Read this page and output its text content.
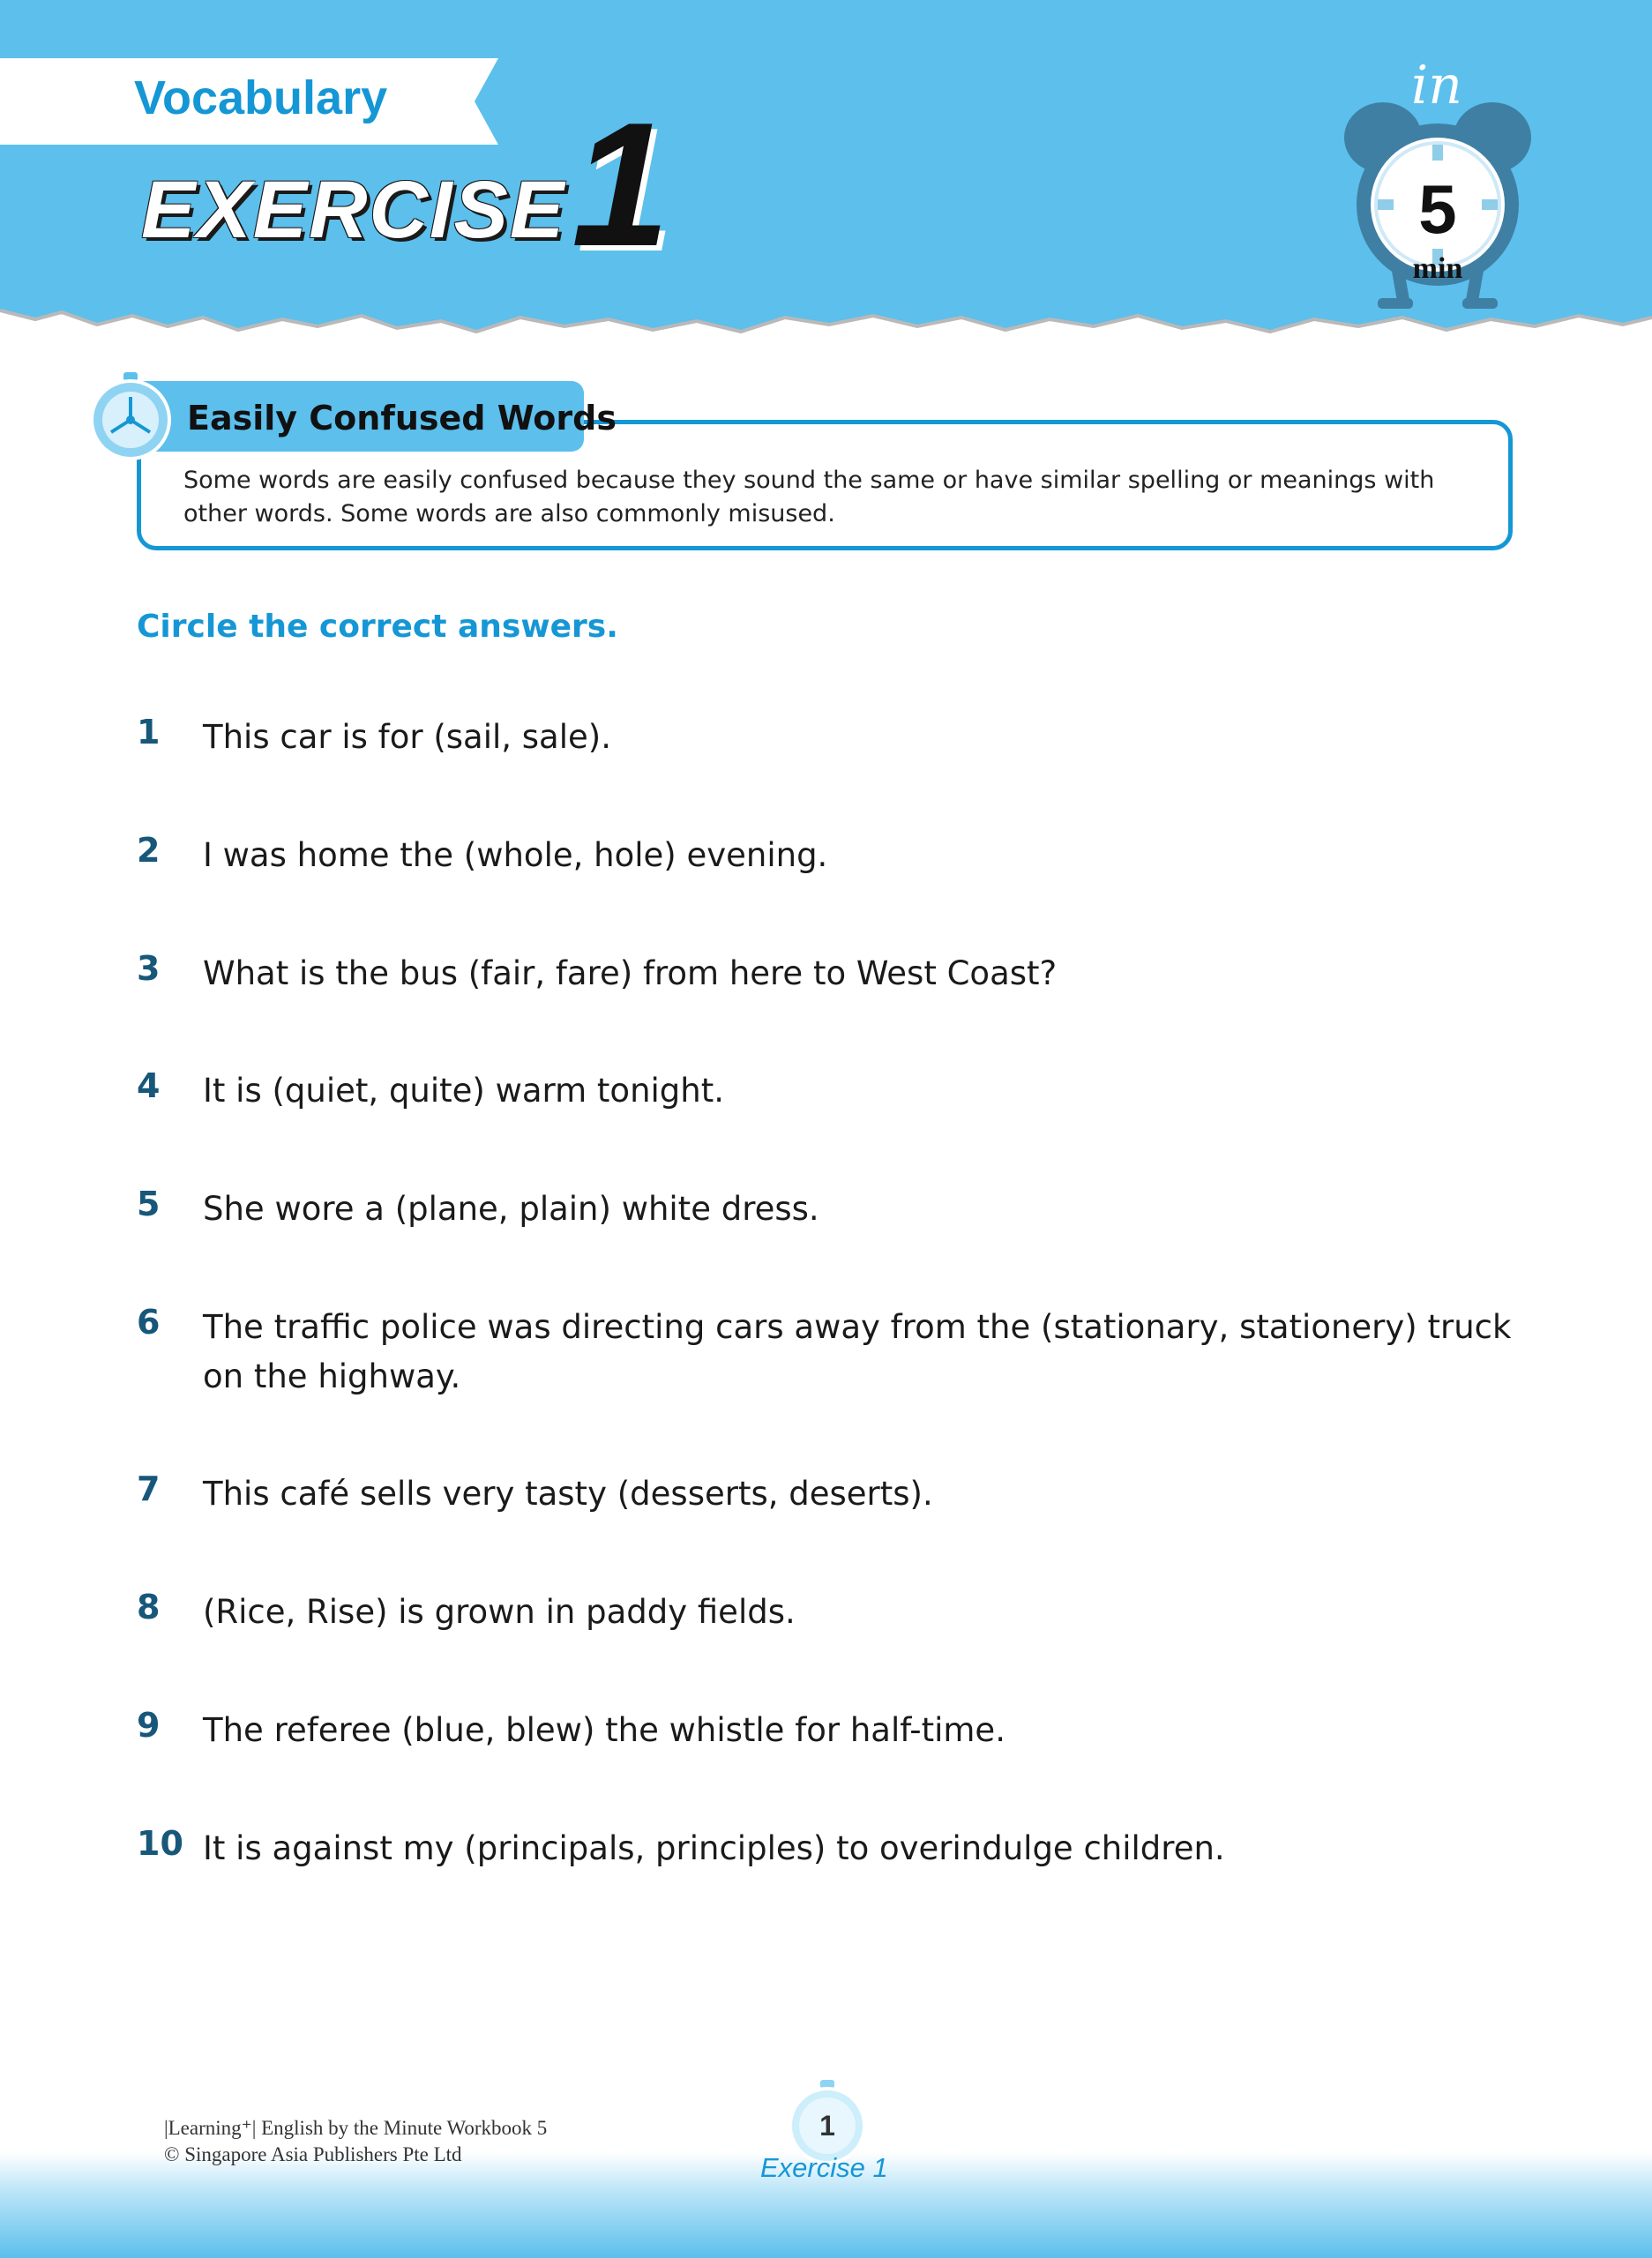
Vocabulary
EXERCISE 1
in
5
min
Easily Confused Words
Some words are easily confused because they sound the same or have similar spelling or meanings with other words. Some words are also commonly misused.
Circle the correct answers.
1	This car is for (sail, sale).
2	I was home the (whole, hole) evening.
3	What is the bus (fair, fare) from here to West Coast?
4	It is (quiet, quite) warm tonight.
5	She wore a (plane, plain) white dress.
6	The traffic police was directing cars away from the (stationary, stationery) truck on the highway.
7	This café sells very tasty (desserts, deserts).
8	(Rice, Rise) is grown in paddy fields.
9	The referee (blue, blew) the whistle for half-time.
10 It is against my (principals, principles) to overindulge children.
|Learning⁺| English by the Minute Workbook 5
© Singapore Asia Publishers Pte Ltd
1
Exercise 1
